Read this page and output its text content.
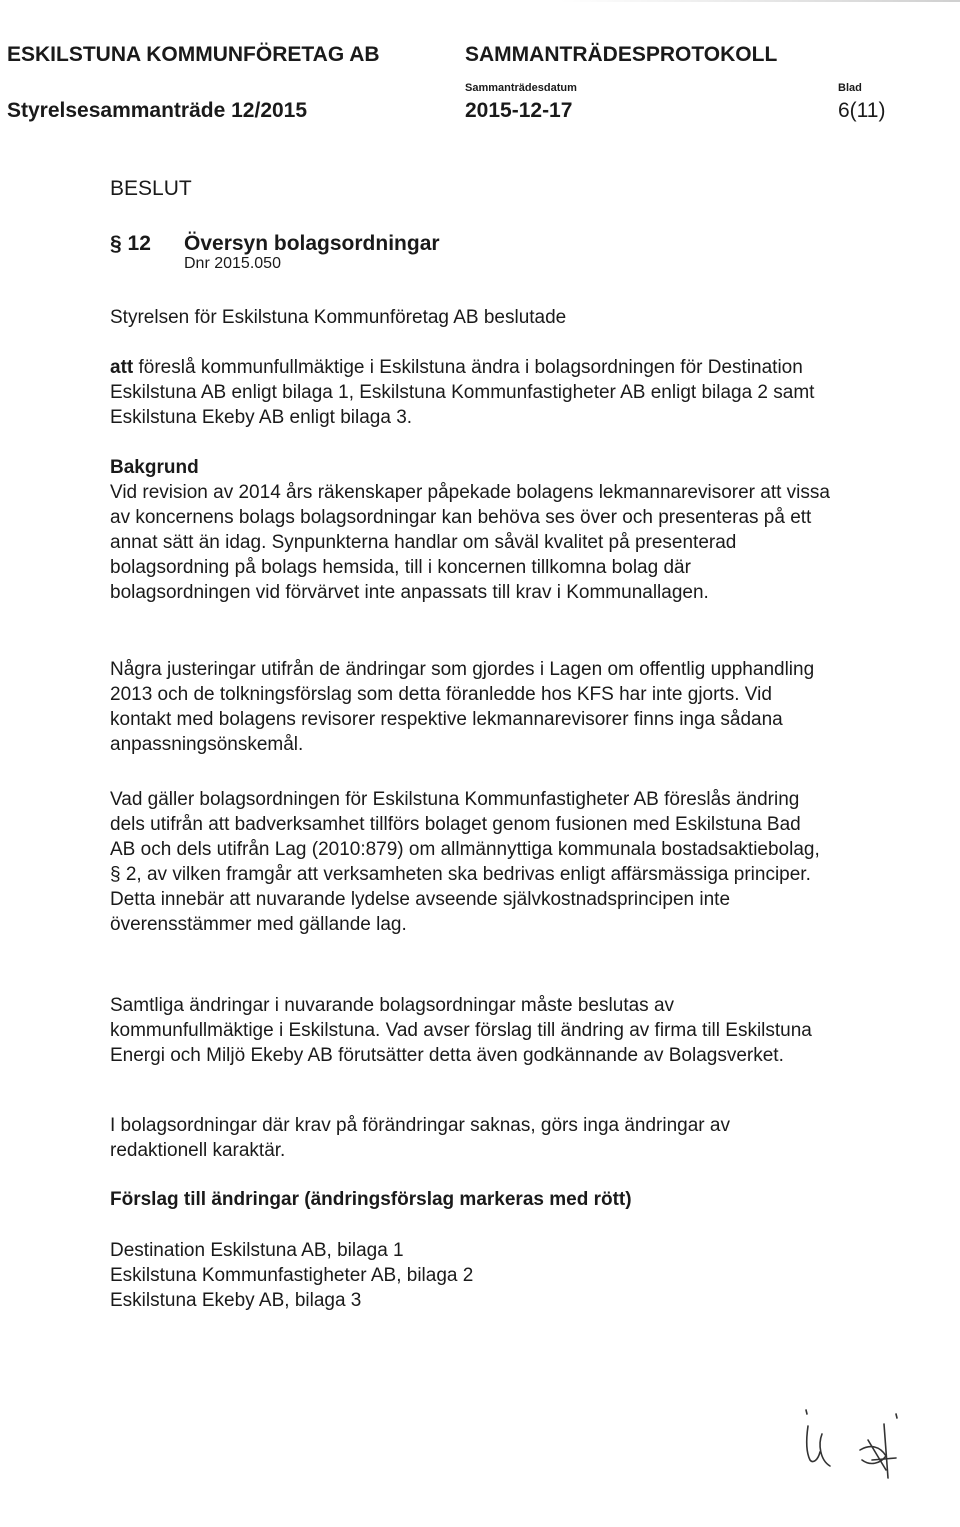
ESKILSTUNA KOMMUNFÖRETAG AB	SAMMANTRÄDESPROTOKOLL
Styrelsesammanträde 12/2015
Sammanträdesdatum
2015-12-17
Blad
6(11)
BESLUT
§ 12 Översyn bolagsordningar
Dnr 2015.050

Styrelsen för Eskilstuna Kommunföretag AB beslutade

att föreslå kommunfullmäktige i Eskilstuna ändra i bolagsordningen för Destination Eskilstuna AB enligt bilaga 1, Eskilstuna Kommunfastigheter AB enligt bilaga 2 samt Eskilstuna Ekeby AB enligt bilaga 3.

Bakgrund

Vid revision av 2014 års räkenskaper påpekade bolagens lekmannarevisorer att vissa av koncernens bolags bolagsordningar kan behöva ses över och presenteras på ett annat sätt än idag. Synpunkterna handlar om såväl kvalitet på presenterad bolagsordning på bolags hemsida, till i koncernen tillkomna bolag där bolagsordningen vid förvärvet inte anpassats till krav i Kommunallagen.

Några justeringar utifrån de ändringar som gjordes i Lagen om offentlig upphandling 2013 och de tolkningsförslag som detta föranledde hos KFS har inte gjorts. Vid kontakt med bolagens revisorer respektive lekmannarevisorer finns inga sådana anpassningsönskemål.

Vad gäller bolagsordningen för Eskilstuna Kommunfastigheter AB föreslås ändring dels utifrån att badverksamhet tillförs bolaget genom fusionen med Eskilstuna Bad AB och dels utifrån Lag (2010:879) om allmännyttiga kommunala bostadsaktiebolag, § 2, av vilken framgår att verksamheten ska bedrivas enligt affärsmässiga principer. Detta innebär att nuvarande lydelse avseende självkostnadsprincipen inte överensstämmer med gällande lag.

Samtliga ändringar i nuvarande bolagsordningar måste beslutas av kommunfullmäktige i Eskilstuna. Vad avser förslag till ändring av firma till Eskilstuna Energi och Miljö Ekeby AB förutsätter detta även godkännande av Bolagsverket.

I bolagsordningar där krav på förändringar saknas, görs inga ändringar av redaktionell karaktär.

Förslag till ändringar (ändringsförslag markeras med rött)
Destination Eskilstuna AB, bilaga 1
Eskilstuna Kommunfastigheter AB, bilaga 2
Eskilstuna Ekeby AB, bilaga 3
